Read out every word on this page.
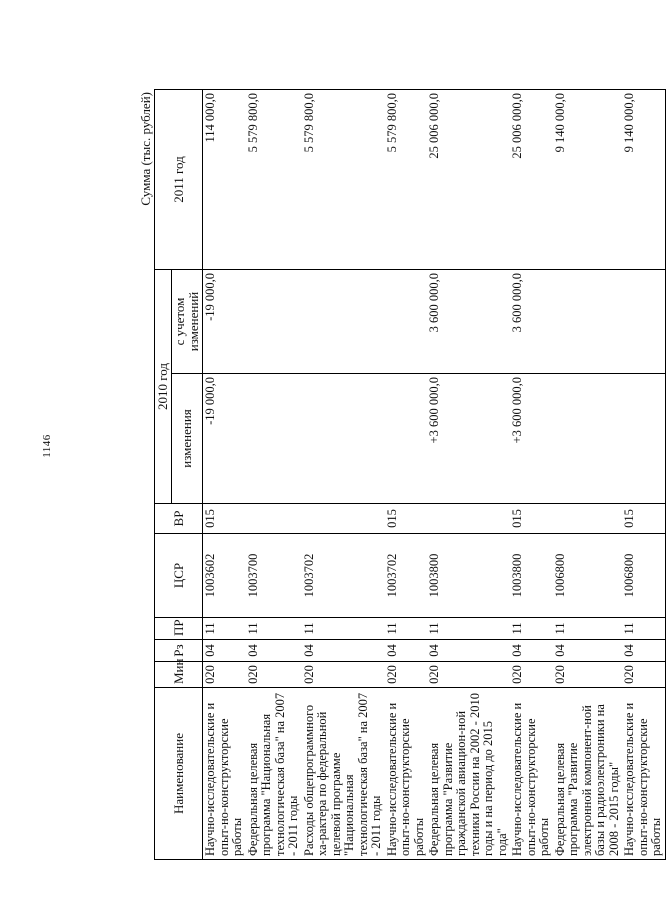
1146
Сумма (тыс. рублей)
Наименование	Мин	Рз	ПР	ЦСР	ВР	2010 год		2011 год
						изменения	с учетом изменений	
Научно-исследовательские и опыт-но-конструкторские работы	020	04	11	1003602	015	-19 000,0	-19 000,0	114 000,0
Федеральная целевая программа "Национальная технологическая база" на 2007 - 2011 годы	020	04	11	1003700				5 579 800,0
Расходы общепрограммного ха-рактера по федеральной целевой программе "Национальная технологическая база" на 2007 - 2011 годы	020	04	11	1003702				5 579 800,0
Научно-исследовательские и опыт-но-конструкторские работы	020	04	11	1003702	015			5 579 800,0
Федеральная целевая программа "Развитие гражданской авиацион-ной техники России на 2002 - 2010 годы и на период до 2015 года"	020	04	11	1003800		+3 600 000,0	3 600 000,0	25 006 000,0
Научно-исследовательские и опыт-но-конструкторские работы	020	04	11	1003800	015	+3 600 000,0	3 600 000,0	25 006 000,0
Федеральная целевая программа "Развитие электронной компонент-ной базы и радиоэлектроники на 2008 - 2015 годы"	020	04	11	1006800				9 140 000,0
Научно-исследовательские и опыт-но-конструкторские работы	020	04	11	1006800	015			9 140 000,0
